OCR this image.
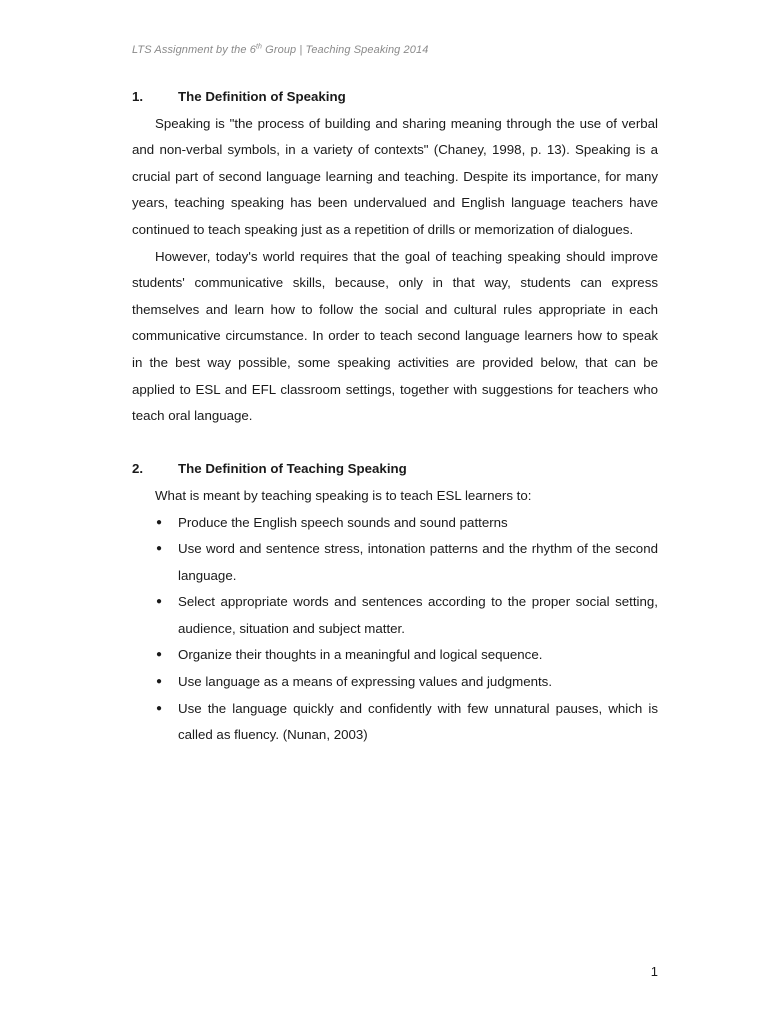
LTS Assignment by the 6th Group | Teaching Speaking 2014
1.	The Definition of Speaking

Speaking is "the process of building and sharing meaning through the use of verbal and non-verbal symbols, in a variety of contexts" (Chaney, 1998, p. 13). Speaking is a crucial part of second language learning and teaching. Despite its importance, for many years, teaching speaking has been undervalued and English language teachers have continued to teach speaking just as a repetition of drills or memorization of dialogues.

However, today's world requires that the goal of teaching speaking should improve students' communicative skills, because, only in that way, students can express themselves and learn how to follow the social and cultural rules appropriate in each communicative circumstance. In order to teach second language learners how to speak in the best way possible, some speaking activities are provided below, that can be applied to ESL and EFL classroom settings, together with suggestions for teachers who teach oral language.

2.	The Definition of Teaching Speaking

What is meant by teaching speaking is to teach ESL learners to:

●	Produce the English speech sounds and sound patterns
●	Use word and sentence stress, intonation patterns and the rhythm of the second language.
●	Select appropriate words and sentences according to the proper social setting, audience, situation and subject matter.
●	Organize their thoughts in a meaningful and logical sequence.
●	Use language as a means of expressing values and judgments.
●	Use the language quickly and confidently with few unnatural pauses, which is called as fluency. (Nunan, 2003)
1
